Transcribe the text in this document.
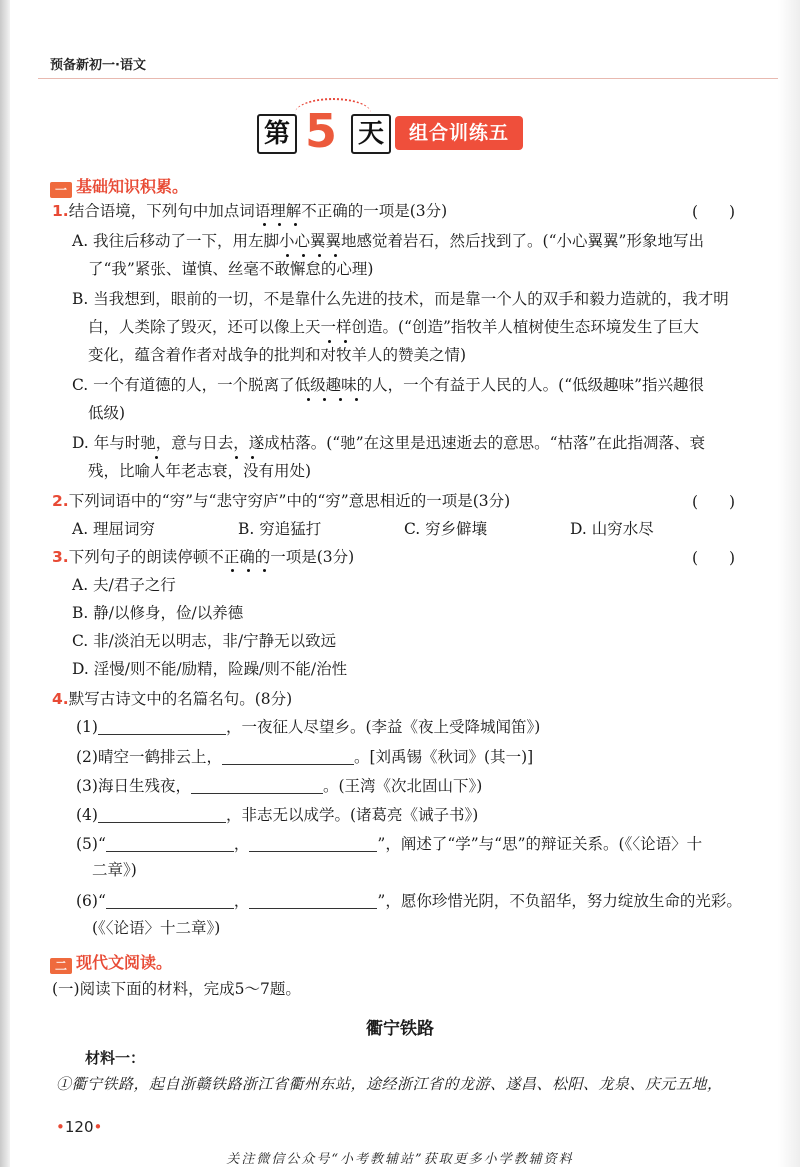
预备新初一·语文
第 5 天	组合训练五
一 基础知识积累。
1.结合语境，下列句中加点词语理解不正确的一项是(3分)	(　　)
A. 我往后移动了一下，用左脚小心翼翼地感觉着岩石，然后找到了。(“小心翼翼”形象地写出
了“我”紧张、谨慎、丝毫不敢懈怠的心理)
B. 当我想到，眼前的一切，不是靠什么先进的技术，而是靠一个人的双手和毅力造就的，我才明
白，人类除了毁灭，还可以像上天一样创造。(“创造”指牧羊人植树使生态环境发生了巨大
变化，蕴含着作者对战争的批判和对牧羊人的赞美之情)
C. 一个有道德的人，一个脱离了低级趣味的人，一个有益于人民的人。(“低级趣味”指兴趣很
低级)
D. 年与时驰，意与日去，遂成枯落。(“驰”在这里是迅速逝去的意思。“枯落”在此指凋落、衰
残，比喻人年老志衰，没有用处)
2.下列词语中的“穷”与“悲守穷庐”中的“穷”意思相近的一项是(3分)	(　　)
A. 理屈词穷	B. 穷追猛打	C. 穷乡僻壤	D. 山穷水尽
3.下列句子的朗读停顿不正确的一项是(3分)	(　　)
A. 夫/君子之行
B. 静/以修身，俭/以养德
C. 非/淡泊无以明志，非/宁静无以致远
D. 淫慢/则不能/励精，险躁/则不能/治性
4.默写古诗文中的名篇名句。(8分)
(1)	，一夜征人尽望乡。(李益《夜上受降城闻笛》)
(2)晴空一鹤排云上，	。[刘禹锡《秋词》(其一)]
(3)海日生残夜，	。(王湾《次北固山下》)
(4)	，非志无以成学。(诸葛亮《诫子书》)
(5)“	，	”，阐述了“学”与“思”的辩证关系。(《〈论语〉十
二章》)
(6)“	，	”，愿你珍惜光阴，不负韶华，努力绽放生命的光彩。
(《〈论语〉十二章》)
二 现代文阅读。
(一)阅读下面的材料，完成5～7题。
衢宁铁路
材料一：
①衢宁铁路，起自浙赣铁路浙江省衢州东站，途经浙江省的龙游、遂昌、松阳、龙泉、庆元五地，
•120•
关注微信公众号“小考教辅站”获取更多小学教辅资料
